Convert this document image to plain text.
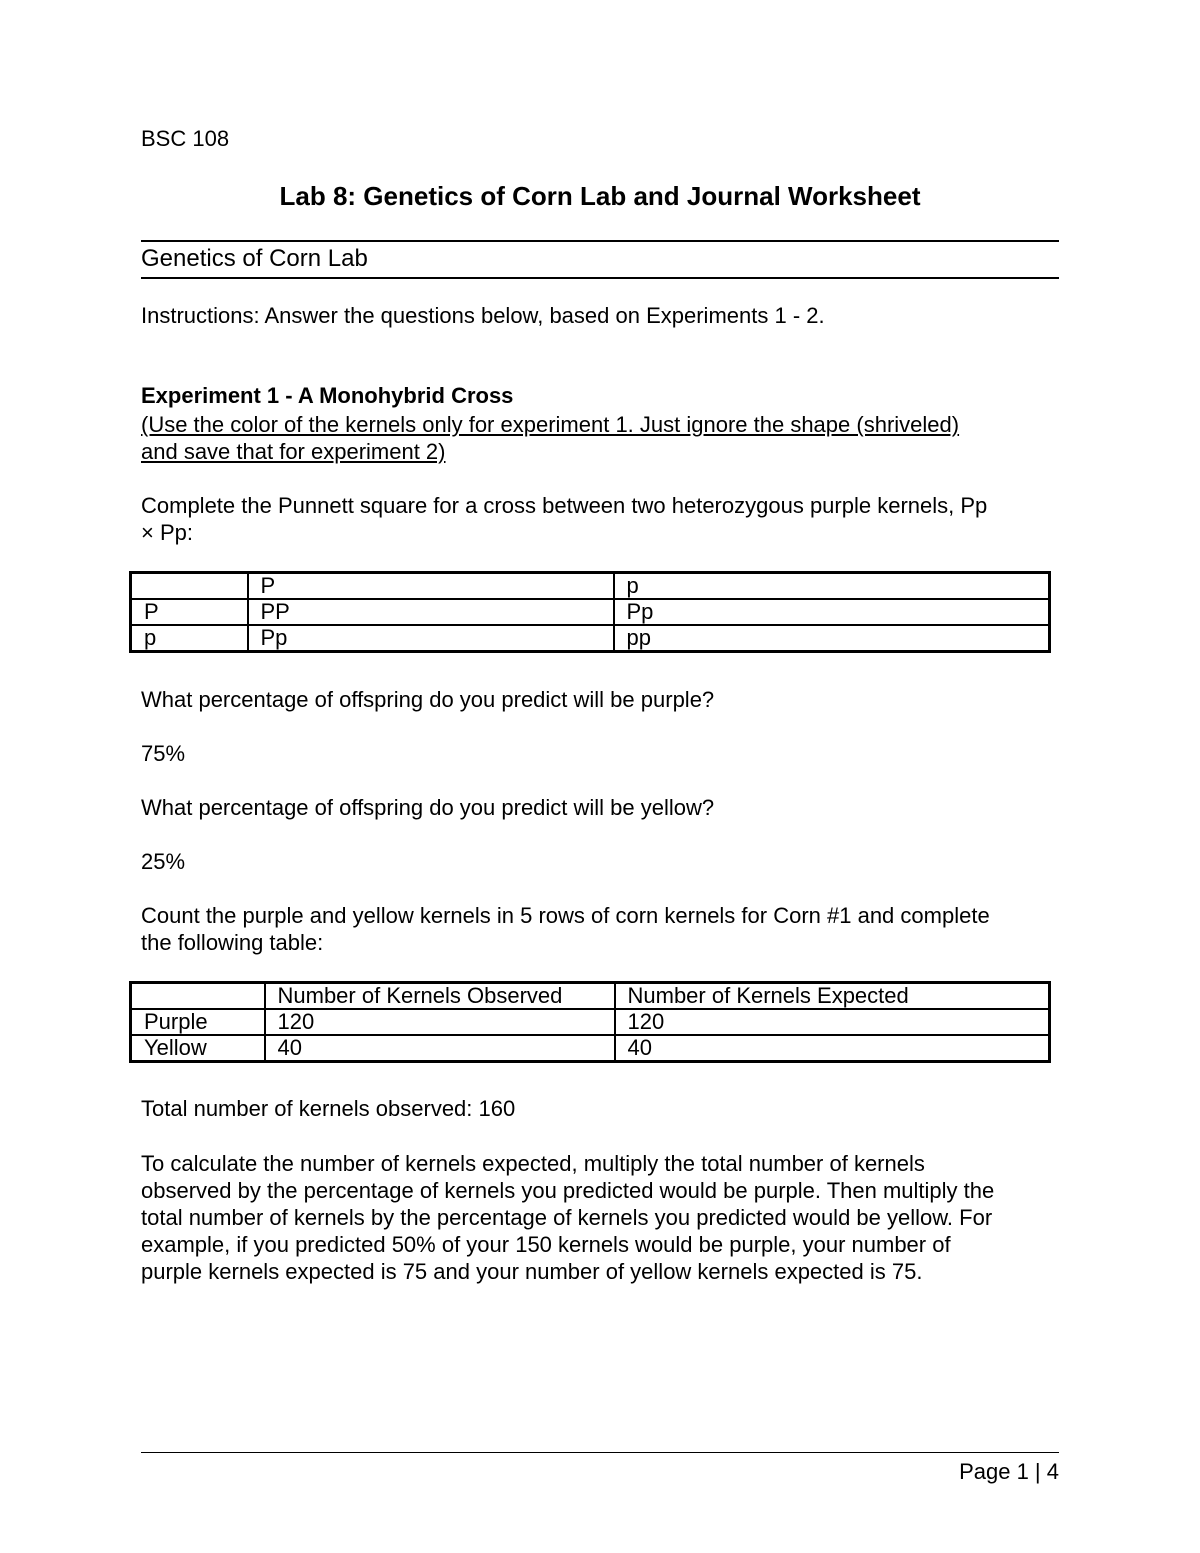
BSC 108

Lab 8: Genetics of Corn Lab and Journal Worksheet

Genetics of Corn Lab

Instructions: Answer the questions below, based on Experiments 1 - 2.

Experiment 1 - A Monohybrid Cross

(Use the color of the kernels only for experiment 1. Just ignore the shape (shriveled)

and save that for experiment 2)

Complete the Punnett square for a cross between two heterozygous purple kernels, Pp

× Pp:

	P	p
P	PP	Pp
p	Pp	pp

What percentage of offspring do you predict will be purple?

75%

What percentage of offspring do you predict will be yellow?

25%

Count the purple and yellow kernels in 5 rows of corn kernels for Corn #1 and complete

the following table:

	Number of Kernels Observed	Number of Kernels Expected
Purple	120	120
Yellow	40	40

Total number of kernels observed: 160

To calculate the number of kernels expected, multiply the total number of kernels

observed by the percentage of kernels you predicted would be purple. Then multiply the

total number of kernels by the percentage of kernels you predicted would be yellow. For

example, if you predicted 50% of your 150 kernels would be purple, your number of

purple kernels expected is 75 and your number of yellow kernels expected is 75.

Page 1 | 4
